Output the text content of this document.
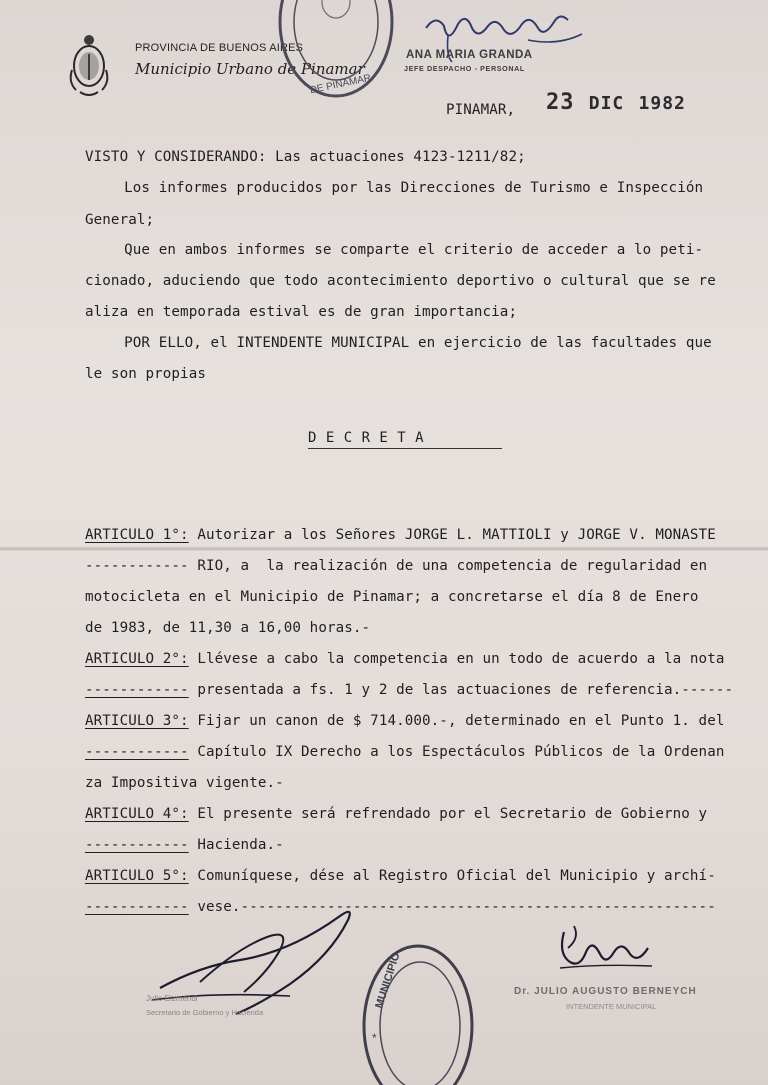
PROVINCIA DE BUENOS AIRES
Municipio Urbano de Pinamar
DE PINAMAR
ANA MARIA GRANDA
JEFE DESPACHO - PERSONAL
PINAMAR, 23 DIC 1982
VISTO Y CONSIDERANDO: Las actuaciones 4123-1211/82;
Los informes producidos por las Direcciones de Turismo e Inspección
General;
Que en ambos informes se comparte el criterio de acceder a lo peti-
cionado, aduciendo que todo acontecimiento deportivo o cultural que se re
aliza en temporada estival es de gran importancia;
POR ELLO, el INTENDENTE MUNICIPAL en ejercicio de las facultades que
le son propias
D E C R E T A
ARTICULO 1°: Autorizar a los Señores JORGE L. MATTIOLI y JORGE V. MONASTE
------------ RIO, a  la realización de una competencia de regularidad en
motocicleta en el Municipio de Pinamar; a concretarse el día 8 de Enero
de 1983, de 11,30 a 16,00 horas.-
ARTICULO 2°: Llévese a cabo la competencia en un todo de acuerdo a la nota
------------ presentada a fs. 1 y 2 de las actuaciones de referencia.------
ARTICULO 3°: Fijar un canon de $ 714.000.-, determinado en el Punto 1. del
------------ Capítulo IX Derecho a los Espectáculos Públicos de la Ordenan
za Impositiva vigente.-
ARTICULO 4°: El presente será refrendado por el Secretario de Gobierno y
------------ Hacienda.-
ARTICULO 5°: Comuníquese, dése al Registro Oficial del Municipio y archí-
------------ vese.-------------------------------------------------------
Julio Eizmendi
Secretario de Gobierno y Hacienda
MUNICIPIO
*
Dr. JULIO AUGUSTO BERNEYCH
INTENDENTE MUNICIPAL
